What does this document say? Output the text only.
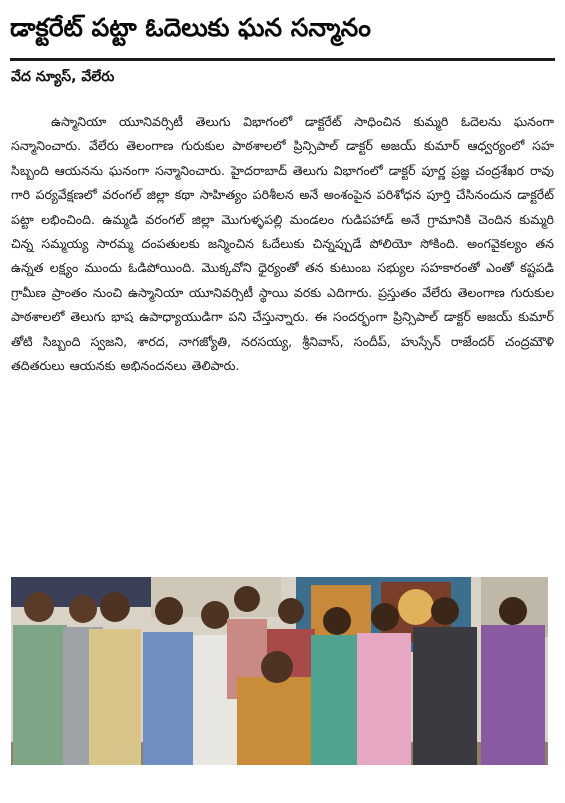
డాక్టరేట్ పట్టా ఓదెలుకు ఘన సన్మానం
వేద న్యూస్, వేలేరు
ఉస్మానియా యూనివర్సిటీ తెలుగు విభాగంలో డాక్టరేట్ సాధించిన కుమ్మరి ఓదెలను ఘనంగా సన్మానించారు. వేలేరు తెలంగాణ గురుకుల పాఠశాలలో ప్రిన్సిపాల్ డాక్టర్ అజయ్ కుమార్ ఆధ్వర్యంలో సహ సిబ్బంది ఆయనను ఘనంగా సన్మానించారు. హైదరాబాద్ తెలుగు విభాగంలో డాక్టర్ పూర్ణ ప్రజ్ఞ చంద్రశేఖర రావు గారి పర్యవేక్షణలో వరంగల్ జిల్లా కథా సాహిత్యం పరిశీలన అనే అంశంపైన పరిశోధన పూర్తి చేసినందున డాక్టరేట్ పట్టా లభించింది. ఉమ్మడి వరంగల్ జిల్లా మొగుళ్ళపల్లి మండలం గుడిపహాడ్ అనే గ్రామానికి చెందిన కుమ్మరి చిన్న సమ్మయ్య సారమ్మ దంపతులకు జన్మించిన ఓదేలుకు చిన్నప్పుడే పోలియో సోకింది. అంగవైకల్యం తన ఉన్నత లక్ష్యం ముందు ఓడిపోయింది. మొక్కవోని ధైర్యంతో తన కుటుంబ సభ్యుల సహకారంతో ఎంతో కష్టపడి గ్రామీణ ప్రాంతం నుంచి ఉస్మానియా యూనివర్సిటీ స్థాయి వరకు ఎదిగారు. ప్రస్తుతం వేలేరు తెలంగాణ గురుకుల పాఠశాలలో తెలుగు భాష ఉపాధ్యాయుడిగా పని చేస్తున్నారు. ఈ సందర్భంగా ప్రిన్సిపాల్ డాక్టర్ అజయ్ కుమార్ తోటి సిబ్బంది స్వజని, శారద, నాగజ్యోతి, నరసయ్య, శ్రీనివాస్, సందీప్, హుస్సేన్ రాజేందర్ చంద్రమౌళి తదితరులు ఆయనకు అభినందనలు తెలిపారు.
